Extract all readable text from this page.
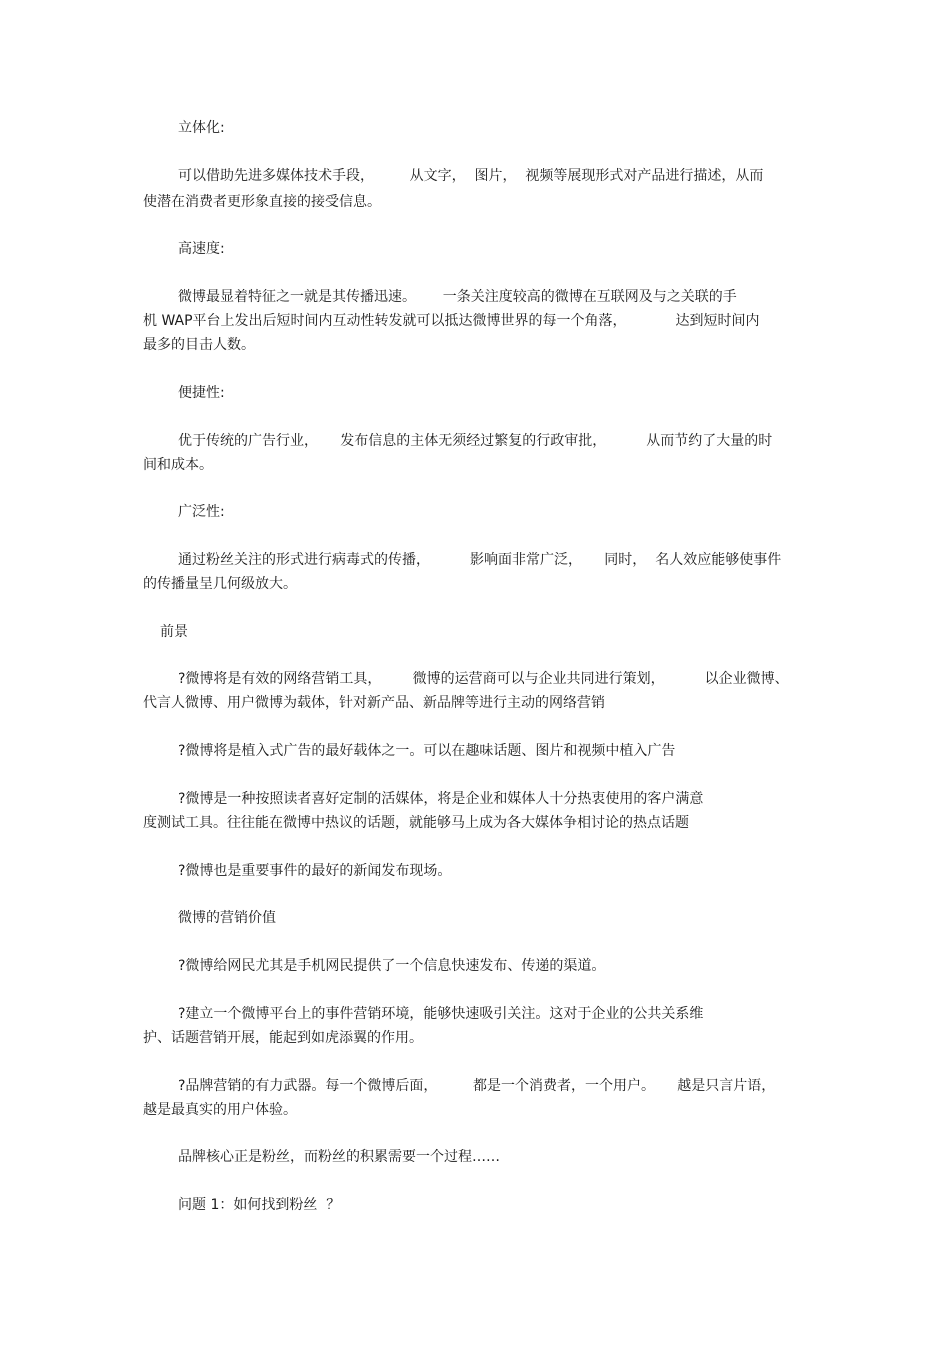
立体化:
可以借助先进多媒体技术手段，        从文字，  图片，  视频等展现形式对产品进行描述，从而
使潜在消费者更形象直接的接受信息。
高速度:
微博最显着特征之一就是其传播迅速。      一条关注度较高的微博在互联网及与之关联的手
机 WAP平台上发出后短时间内互动性转发就可以抵达微博世界的每一个角落，           达到短时间内
最多的目击人数。
便捷性:
优于传统的广告行业，     发布信息的主体无须经过繁复的行政审批，         从而节约了大量的时
间和成本。
广泛性:
通过粉丝关注的形式进行病毒式的传播，         影响面非常广泛，     同时，  名人效应能够使事件
的传播量呈几何级放大。
前景
?微博将是有效的网络营销工具，       微博的运营商可以与企业共同进行策划，         以企业微博、
代言人微博、用户微博为载体，针对新产品、新品牌等进行主动的网络营销
?微博将是植入式广告的最好载体之一。可以在趣味话题、图片和视频中植入广告
?微博是一种按照读者喜好定制的活媒体，将是企业和媒体人十分热衷使用的客户满意
度测试工具。往往能在微博中热议的话题，就能够马上成为各大媒体争相讨论的热点话题
?微博也是重要事件的最好的新闻发布现场。
微博的营销价值
?微博给网民尤其是手机网民提供了一个信息快速发布、传递的渠道。
?建立一个微博平台上的事件营销环境，能够快速吸引关注。这对于企业的公共关系维
护、话题营销开展，能起到如虎添翼的作用。
?品牌营销的有力武器。每一个微博后面，        都是一个消费者，一个用户。     越是只言片语，
越是最真实的用户体验。
品牌核心正是粉丝，而粉丝的积累需要一个过程……
问题 1：如何找到粉丝  ？
